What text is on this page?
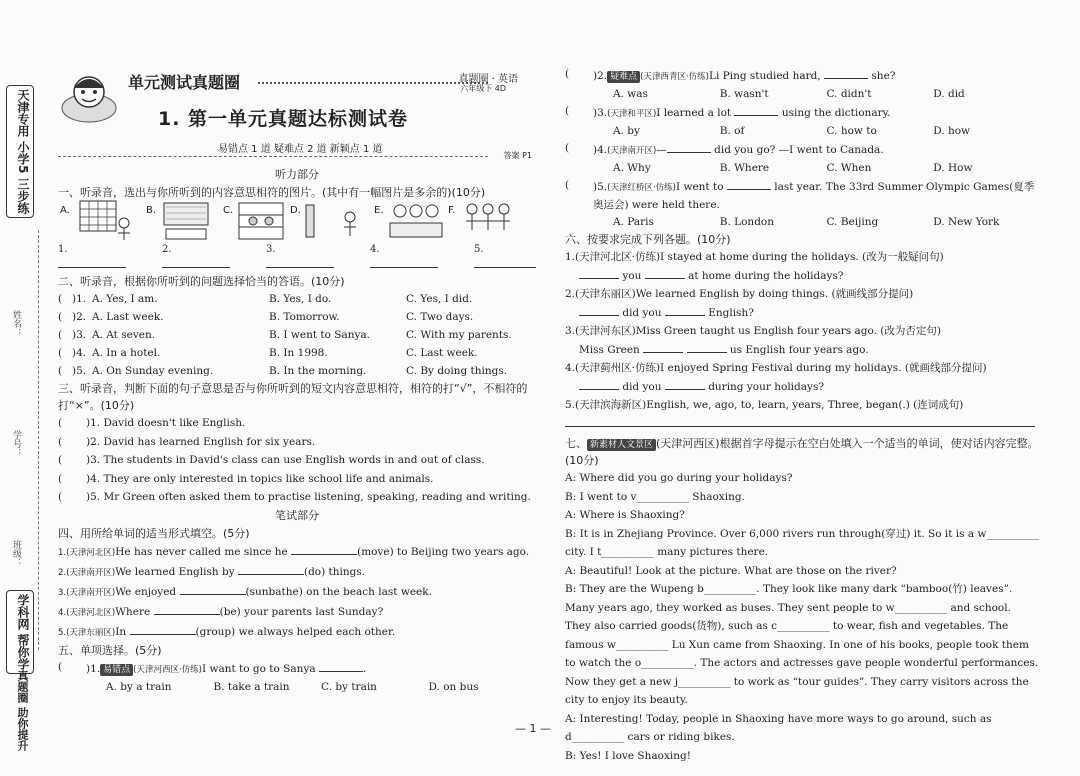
天津专用 小学5 三步练
班级：
学号：
姓名：
学科网 帮你学
真题圈 助你提升
单元测试真题圈	真题圈 · 英语
六年级下 4D
1. 第一单元真题达标测试卷
易错点 1 道 疑难点 2 道 新颖点 1 道
答案 P1
听力部分
一、听录音，选出与你所听到的内容意思相符的图片。(其中有一幅图片是多余的)(10分)
A.	B.	C.	D.	E.	F.
1.	2.	3.	4.	5.
二、听录音，根据你所听到的问题选择恰当的答语。(10分)
( )1. A. Yes, I am.	B. Yes, I do.	C. Yes, I did.
( )2. A. Last week.	B. Tomorrow.	C. Two days.
( )3. A. At seven.	B. I went to Sanya.	C. With my parents.
( )4. A. In a hotel.	B. In 1998.	C. Last week.
( )5. A. On Sunday evening.	B. In the morning.	C. By doing things.
三、听录音，判断下面的句子意思是否与你所听到的短文内容意思相符，相符的打“√”，不相符的打“×”。(10分)
(	)1. David doesn't like English.
(	)2. David has learned English for six years.
(	)3. The students in David's class can use English words in and out of class.
(	)4. They are only interested in topics like school life and animals.
(	)5. Mr Green often asked them to practise listening, speaking, reading and writing.
笔试部分
四、用所给单词的适当形式填空。(5分)
1.(天津河北区)He has never called me since he	(move) to Beijing two years ago.
2.(天津南开区)We learned English by	(do) things.
3.(天津南开区)We enjoyed	(sunbathe) on the beach last week.
4.(天津河北区)Where	(be) your parents last Sunday?
5.(天津东丽区)In	(group) we always helped each other.
五、单项选择。(5分)
(	)1. 易错点 (天津河西区·仿练)I want to go to Sanya	.
A. by a train	B. take a train	C. by train	D. on bus
(	)2. 疑难点 (天津西青区·仿练)Li Ping studied hard,	she?
A. was	B. wasn't	C. didn't	D. did
(	)3.(天津和平区)I learned a lot	using the dictionary.
A. by	B. of	C. how to	D. how
(	)4.(天津南开区)—	did you go? —I went to Canada.
A. Why	B. Where	C. When	D. How
(	)5.(天津红桥区·仿练)I went to	last year. The 33rd Summer Olympic Games(夏季奥运会) were held there.
A. Paris	B. London	C. Beijing	D. New York
六、按要求完成下列各题。(10分)
1.(天津河北区·仿练)I stayed at home during the holidays. (改为一般疑问句)
you	at home during the holidays?
2.(天津东丽区)We learned English by doing things. (就画线部分提问)
did you	English?
3.(天津河东区)Miss Green taught us English four years ago. (改为否定句)
Miss Green	us English four years ago.
4.(天津蓟州区·仿练)I enjoyed Spring Festival during my holidays. (就画线部分提问)
did you	during your holidays?
5.(天津滨海新区)English, we, ago, to, learn, years, Three, began(.) (连词成句)
七、 新素材人文景区 (天津河西区)根据首字母提示在空白处填入一个适当的单词，使对话内容完整。(10分)
A: Where did you go during your holidays?
B: I went to v__________ Shaoxing.
A: Where is Shaoxing?
B: It is in Zhejiang Province. Over 6,000 rivers run through(穿过) it. So it is a w__________ city. I t__________ many pictures there.
A: Beautiful! Look at the picture. What are those on the river?
B: They are the Wupeng b__________. They look like many dark “bamboo(竹) leaves”. Many years ago, they worked as buses. They sent people to w__________ and school. They also carried goods(货物), such as c__________ to wear, fish and vegetables. The famous w__________ Lu Xun came from Shaoxing. In one of his books, people took them to watch the o__________. The actors and actresses gave people wonderful performances. Now they get a new j__________ to work as “tour guides”. They carry visitors across the city to enjoy its beauty.
A: Interesting! Today, people in Shaoxing have more ways to go around, such as d__________ cars or riding bikes.
B: Yes! I love Shaoxing!
— 1 —
